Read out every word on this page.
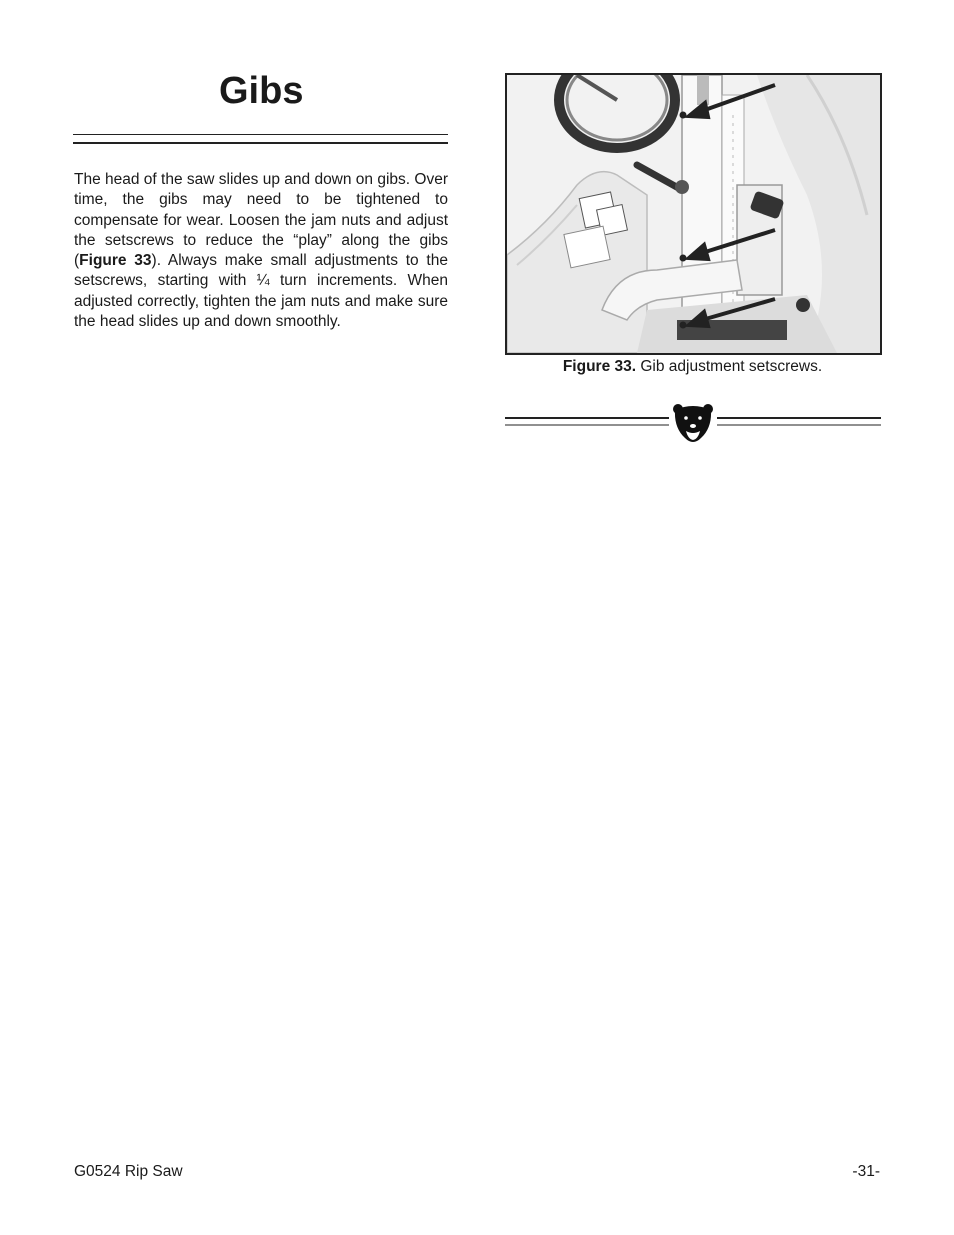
Gibs

The head of the saw slides up and down on gibs. Over time, the gibs may need to be tightened to compensate for wear. Loosen the jam nuts and adjust the setscrews to reduce the “play” along the gibs (Figure 33). Always make small adjustments to the setscrews, starting with ¼ turn increments. When adjusted correctly, tighten the jam nuts and make sure the head slides up and down smoothly.

Figure 33. Gib adjustment setscrews.
G0524 Rip Saw	-31-
